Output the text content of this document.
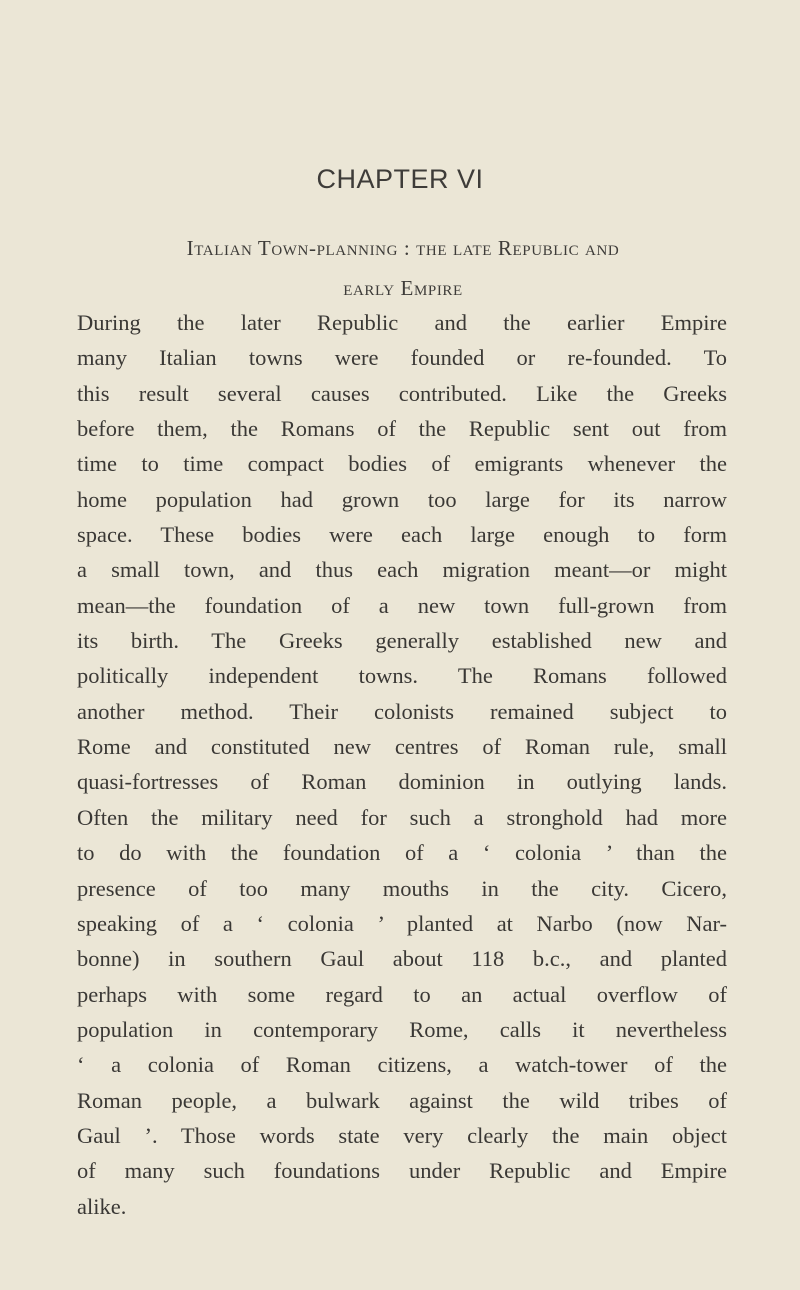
CHAPTER VI
Italian Town-planning : the late Republic and
early Empire
During the later Republic and the earlier Empire
many Italian towns were founded or re-founded. To
this result several causes contributed. Like the Greeks
before them, the Romans of the Republic sent out from
time to time compact bodies of emigrants whenever the
home population had grown too large for its narrow
space. These bodies were each large enough to form
a small town, and thus each migration meant—or might
mean—the foundation of a new town full-grown from
its birth. The Greeks generally established new and
politically independent towns. The Romans followed
another method. Their colonists remained subject to
Rome and constituted new centres of Roman rule, small
quasi-fortresses of Roman dominion in outlying lands.
Often the military need for such a stronghold had more
to do with the foundation of a ‘ colonia ’ than the
presence of too many mouths in the city. Cicero,
speaking of a ‘ colonia ’ planted at Narbo (now Nar-
bonne) in southern Gaul about 118 b.c., and planted
perhaps with some regard to an actual overflow of
population in contemporary Rome, calls it nevertheless
‘ a colonia of Roman citizens, a watch-tower of the
Roman people, a bulwark against the wild tribes of
Gaul ’. Those words state very clearly the main object
of many such foundations under Republic and Empire
alike.
